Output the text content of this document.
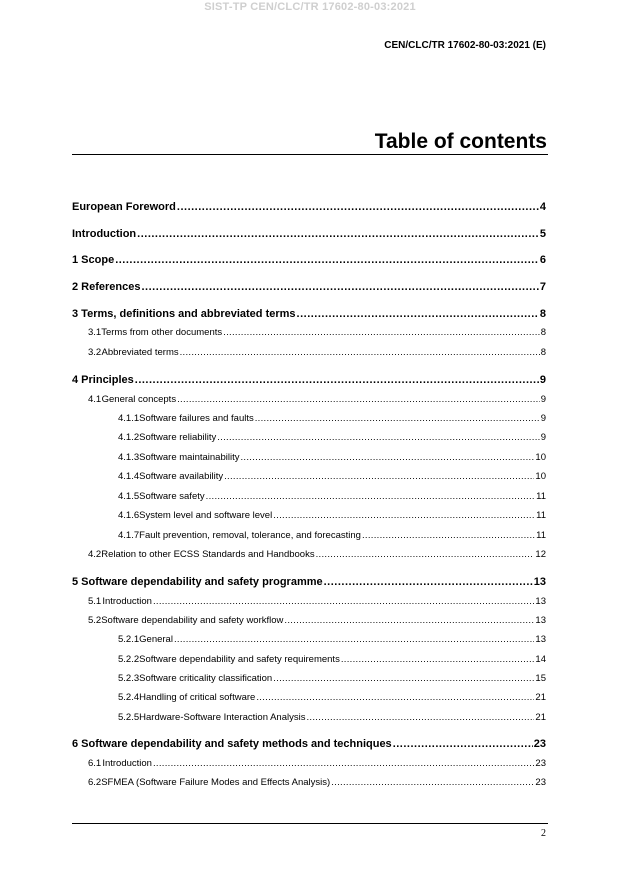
SIST-TP CEN/CLC/TR 17602-80-03:2021
CEN/CLC/TR 17602-80-03:2021 (E)
Table of contents
European Foreword .....	4
Introduction .....	5
1 Scope .....	6
2 References .....	7
3 Terms, definitions and abbreviated terms .....	8
3.1 Terms from other documents .....	8
3.2 Abbreviated terms .....	8
4 Principles .....	9
4.1 General concepts .....	9
4.1.1 Software failures and faults .....	9
4.1.2 Software reliability .....	9
4.1.3 Software maintainability .....	10
4.1.4 Software availability .....	10
4.1.5 Software safety .....	11
4.1.6 System level and software level .....	11
4.1.7 Fault prevention, removal, tolerance, and forecasting .....	11
4.2 Relation to other ECSS Standards and Handbooks .....	12
5 Software dependability and safety programme .....	13
5.1 Introduction .....	13
5.2 Software dependability and safety workflow .....	13
5.2.1 General .....	13
5.2.2 Software dependability and safety requirements .....	14
5.2.3 Software criticality classification .....	15
5.2.4 Handling of critical software .....	21
5.2.5 Hardware-Software Interaction Analysis .....	21
6 Software dependability and safety methods and techniques .....	23
6.1 Introduction .....	23
6.2 SFMEA (Software Failure Modes and Effects Analysis) .....	23
2
